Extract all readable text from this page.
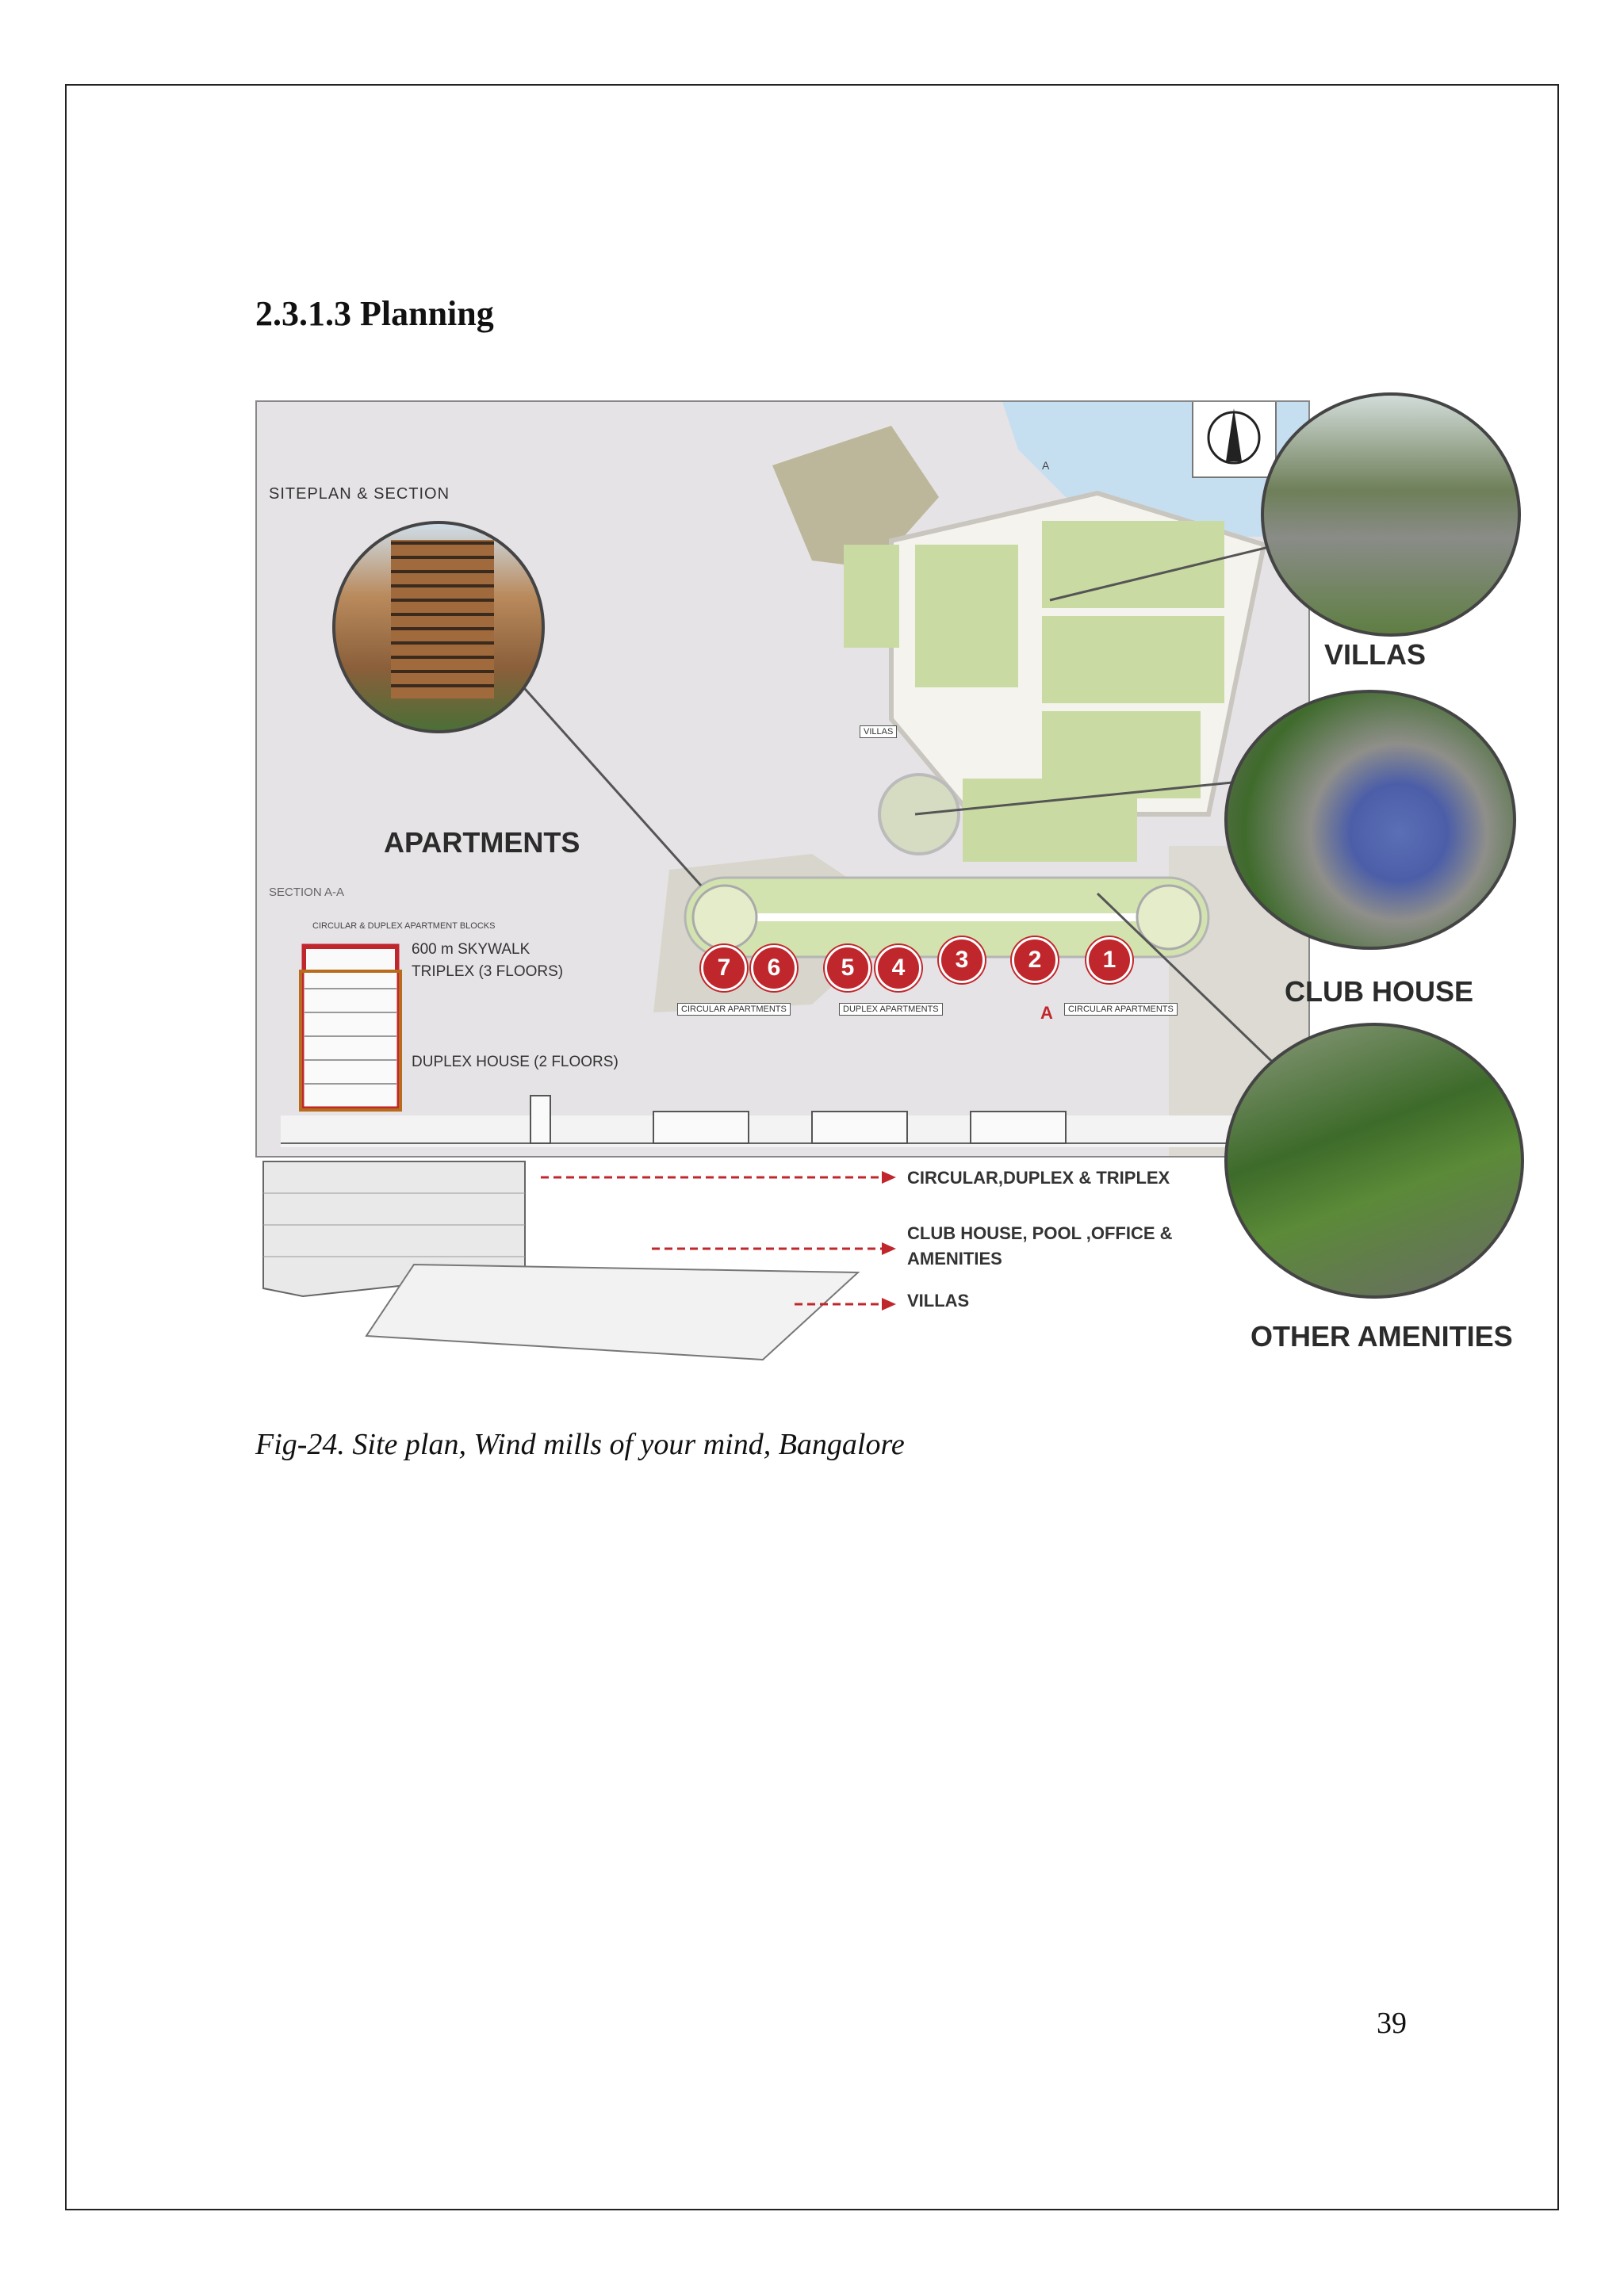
2.3.1.3 Planning
SITEPLAN & SECTION
SECTION A-A
CIRCULAR & DUPLEX APARTMENT BLOCKS
600 m SKYWALK
TRIPLEX (3 FLOORS)
DUPLEX HOUSE (2 FLOORS)
APARTMENTS
CIRCULAR APARTMENTS	DUPLEX APARTMENTS	CIRCULAR APARTMENTS
VILLAS
A
A
7	6	5	4	3	2	1
VILLAS
CLUB HOUSE
OTHER AMENITIES
CIRCULAR,DUPLEX & TRIPLEX
CLUB HOUSE, POOL ,OFFICE &
AMENITIES
VILLAS
Fig-24. Site plan, Wind mills of your mind, Bangalore
39
